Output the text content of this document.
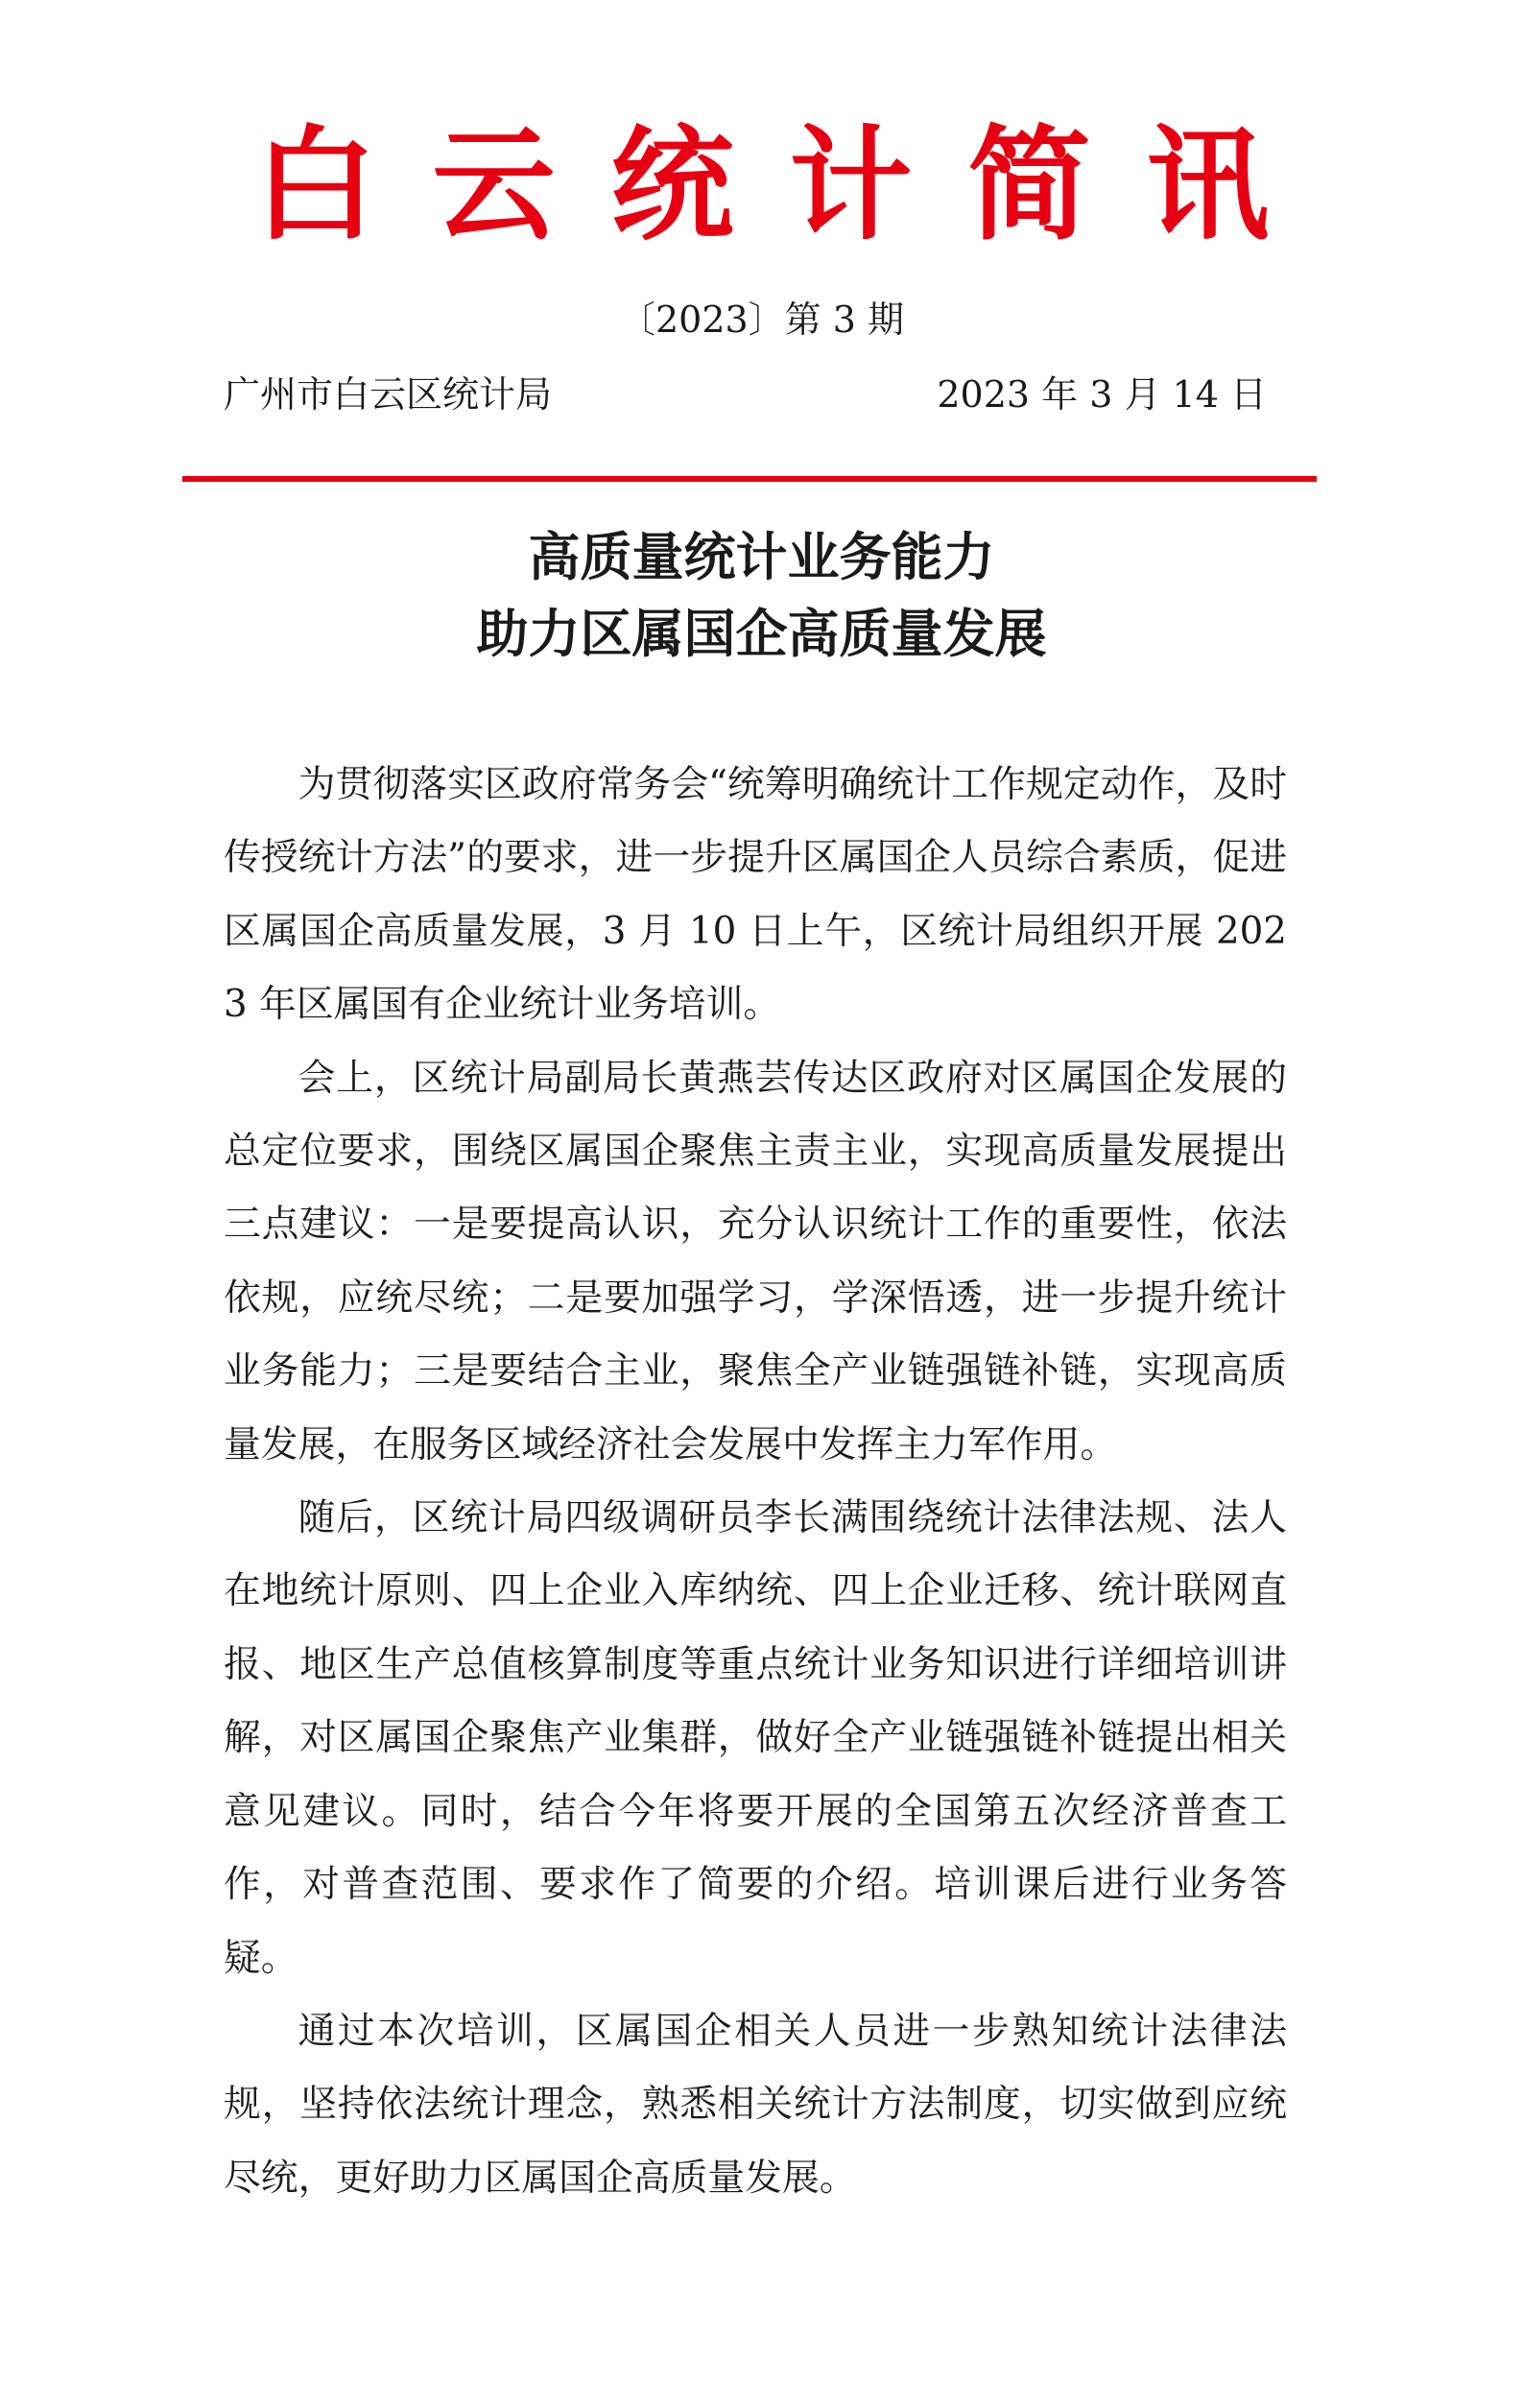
白云统计简讯
〔2023〕第 3 期
广州市白云区统计局	2023 年 3 月 14 日
高质量统计业务能力
助力区属国企高质量发展

为贯彻落实区政府常务会“统筹明确统计工作规定动作，及时传授统计方法”的要求，进一步提升区属国企人员综合素质，促进区属国企高质量发展，3 月 10 日上午，区统计局组织开展 2023 年区属国有企业统计业务培训。

会上，区统计局副局长黄燕芸传达区政府对区属国企发展的总定位要求，围绕区属国企聚焦主责主业，实现高质量发展提出三点建议：一是要提高认识，充分认识统计工作的重要性，依法依规，应统尽统；二是要加强学习，学深悟透，进一步提升统计业务能力；三是要结合主业，聚焦全产业链强链补链，实现高质量发展，在服务区域经济社会发展中发挥主力军作用。

随后，区统计局四级调研员李长满围绕统计法律法规、法人在地统计原则、四上企业入库纳统、四上企业迁移、统计联网直报、地区生产总值核算制度等重点统计业务知识进行详细培训讲解，对区属国企聚焦产业集群，做好全产业链强链补链提出相关意见建议。同时，结合今年将要开展的全国第五次经济普查工作，对普查范围、要求作了简要的介绍。培训课后进行业务答疑。

通过本次培训，区属国企相关人员进一步熟知统计法律法规，坚持依法统计理念，熟悉相关统计方法制度，切实做到应统尽统，更好助力区属国企高质量发展。
